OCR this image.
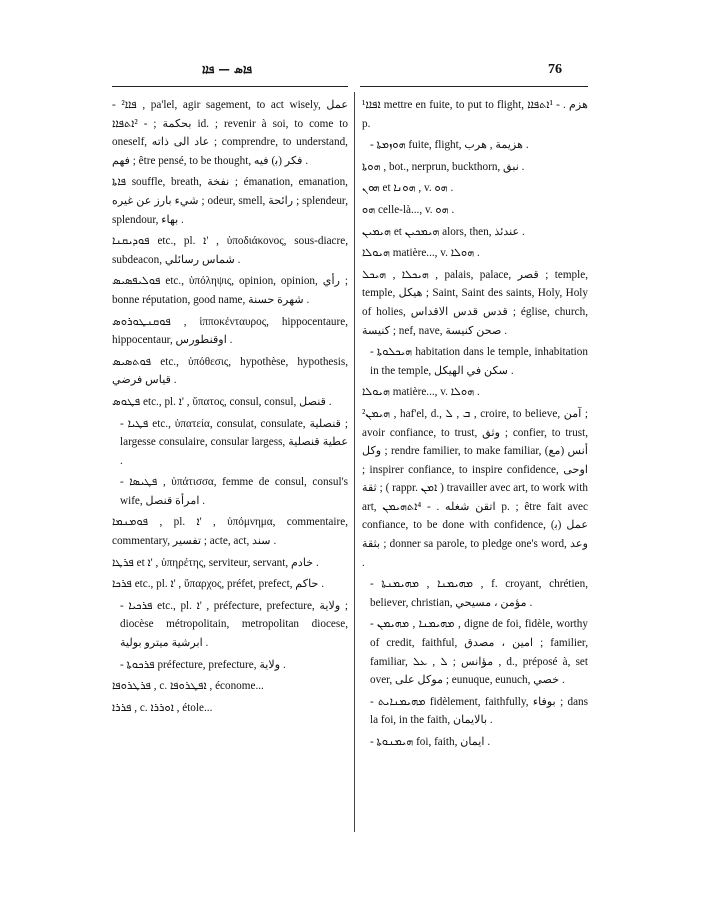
ܦܐܣ — ܦܐܐ	76
- ²ܦܐܐ , pa'lel, agir sagement, to act wisely, عمل بحكمة ; - ²ܐܬܦܐܐ id. ; revenir à soi, to come to oneself, عاد الى ذاته ; comprendre, to understand, فهم ; être pensé, to be thought, فكر (ﺑ) فيه .
ܦܐܬܐ souffle, breath, نفخة ; émanation, emanation, شيء بارز عن غيره ; odeur, smell, رائحة ; splendeur, splendour, بهاء .
ܦܘܕܝܩܢܐ etc., pl. ܐ' , ὑποδιάκονος, sous-diacre, subdeacon, شماس رسائلي .
ܦܘܠܝܦܣܝܣ etc., ὑπόληψις, opinion, opinion, رأي ; bonne réputation, good name, شهرة حسنة .
ܦܘܩܢܛܘܪܘܣ , ἱπποκένταυρος, hippocentaure, hippocentaur, اوقنطورس .
ܦܘܬܣܝܣ etc., ὑπόθεσις, hypothèse, hypothesis, قياس فرضي .
ܦܛܘܣ etc., pl. ܐ' , ὕπατος, consul, consul, قنصل .
- ܦܛܝܐ etc., ὑπατεία, consulat, consulate, قنصلية ; largesse consulaire, consular largess, عطية قنصلية .
- ܦܛܝܣܐ , ὑπάτισσα, femme de consul, consul's wife, امرأة قنصل .
ܦܘܡܢܡܐ , pl. ܐ' , ὑπόμνημα, commentaire, commentary, تفسير ; acte, act, سند .
ܦܪܛܐ et ܐ' , ὑπηρέτης, serviteur, servant, خادم .
ܦܪܟܐ etc., pl. ܐ' , ὕπαρχος, préfet, prefect, حاكم .
- ܦܪܟܝܐ etc., pl. ܐ' , préfecture, prefecture, ولاية ; diocèse métropolitain, metropolitan diocese, ابرشية ميترو بولية .
- ܦܪܟܘܬܐ préfecture, prefecture, ولاية .
ܦܪܛܪܘܦܐ , c. ܐܦܛܪܘܦܐ , économe...
ܦܪܪܐ , c. ܐܘܪܪܐ , étole...
¹ܐܦܐܐ mettre en fuite, to put to flight, هزم . - ¹ܐܬܦܐܐ p.
- ܗܘܙܡܬܐ fuite, flight, هزيمة , هرب .
ܗܘܬܐ , bot., nerprun, buckthorn, نبق .
ܗܘܢ et ܗܘܢܐ , v. ܗܘ .
ܗܘ celle-là..., v. ܗܘ .
ܗܝܡܝܢ et ܗܝܡܟܝܢ alors, then, عندئذ .
ܗܝܘܠܐ matière..., v. ܗܘܠܐ .
ܗܝܟܠܐ , ܗܝܟܠ , palais, palace, قصر ; temple, temple, هيكل ; Saint, Saint des saints, Holy, Holy of holies, قدس قدس الاقداس ; église, church, كنيسة ; nef, nave, صحن كنيسة .
- ܗܝܟܠܘܬܐ habitation dans le temple, inhabitation in the temple, سكن في الهيكل .
ܗܝܘܠܐ matière..., v. ܗܘܠܐ .
²ܗܝܡܢ , haf'el, d., ܒ , ܠ , croire, to believe, آمن ; avoir confiance, to trust, وثق ; confier, to trust, وكل ; rendre familier, to make familiar, أنس (ﻣﻊ) ; inspirer confiance, to inspire confidence, اوحى ثقة ; ( rappr. ܐܡܢ ) travailler avec art, to work with art, اتقن شغله . - ⁴ܐܬܗܝܡܢ p. ; être fait avec confiance, to be done with confidence, عمل (ﺑ) بثقة ; donner sa parole, to pledge one's word, وعد .
- ܡܗܝܡܢܐ , ܡܗܝܡܢܬܐ , f. croyant, chrétien, believer, christian, مؤمن ، مسيحي .
- ܡܗܝܡܢܐ , ܡܗܝܡܢ , digne de foi, fidèle, worthy of credit, faithful, امين ، مصدق ; familier, familiar, مؤانس ; ܠ , ܥܠ , d., préposé à, set over, موكل على ; eunuque, eunuch, خصي .
- ܡܗܝܡܢܐܝܬ fidèlement, faithfully, بوفاء ; dans la foi, in the faith, بالايمان .
- ܗܝܡܢܘܬܐ foi, faith, ايمان .
